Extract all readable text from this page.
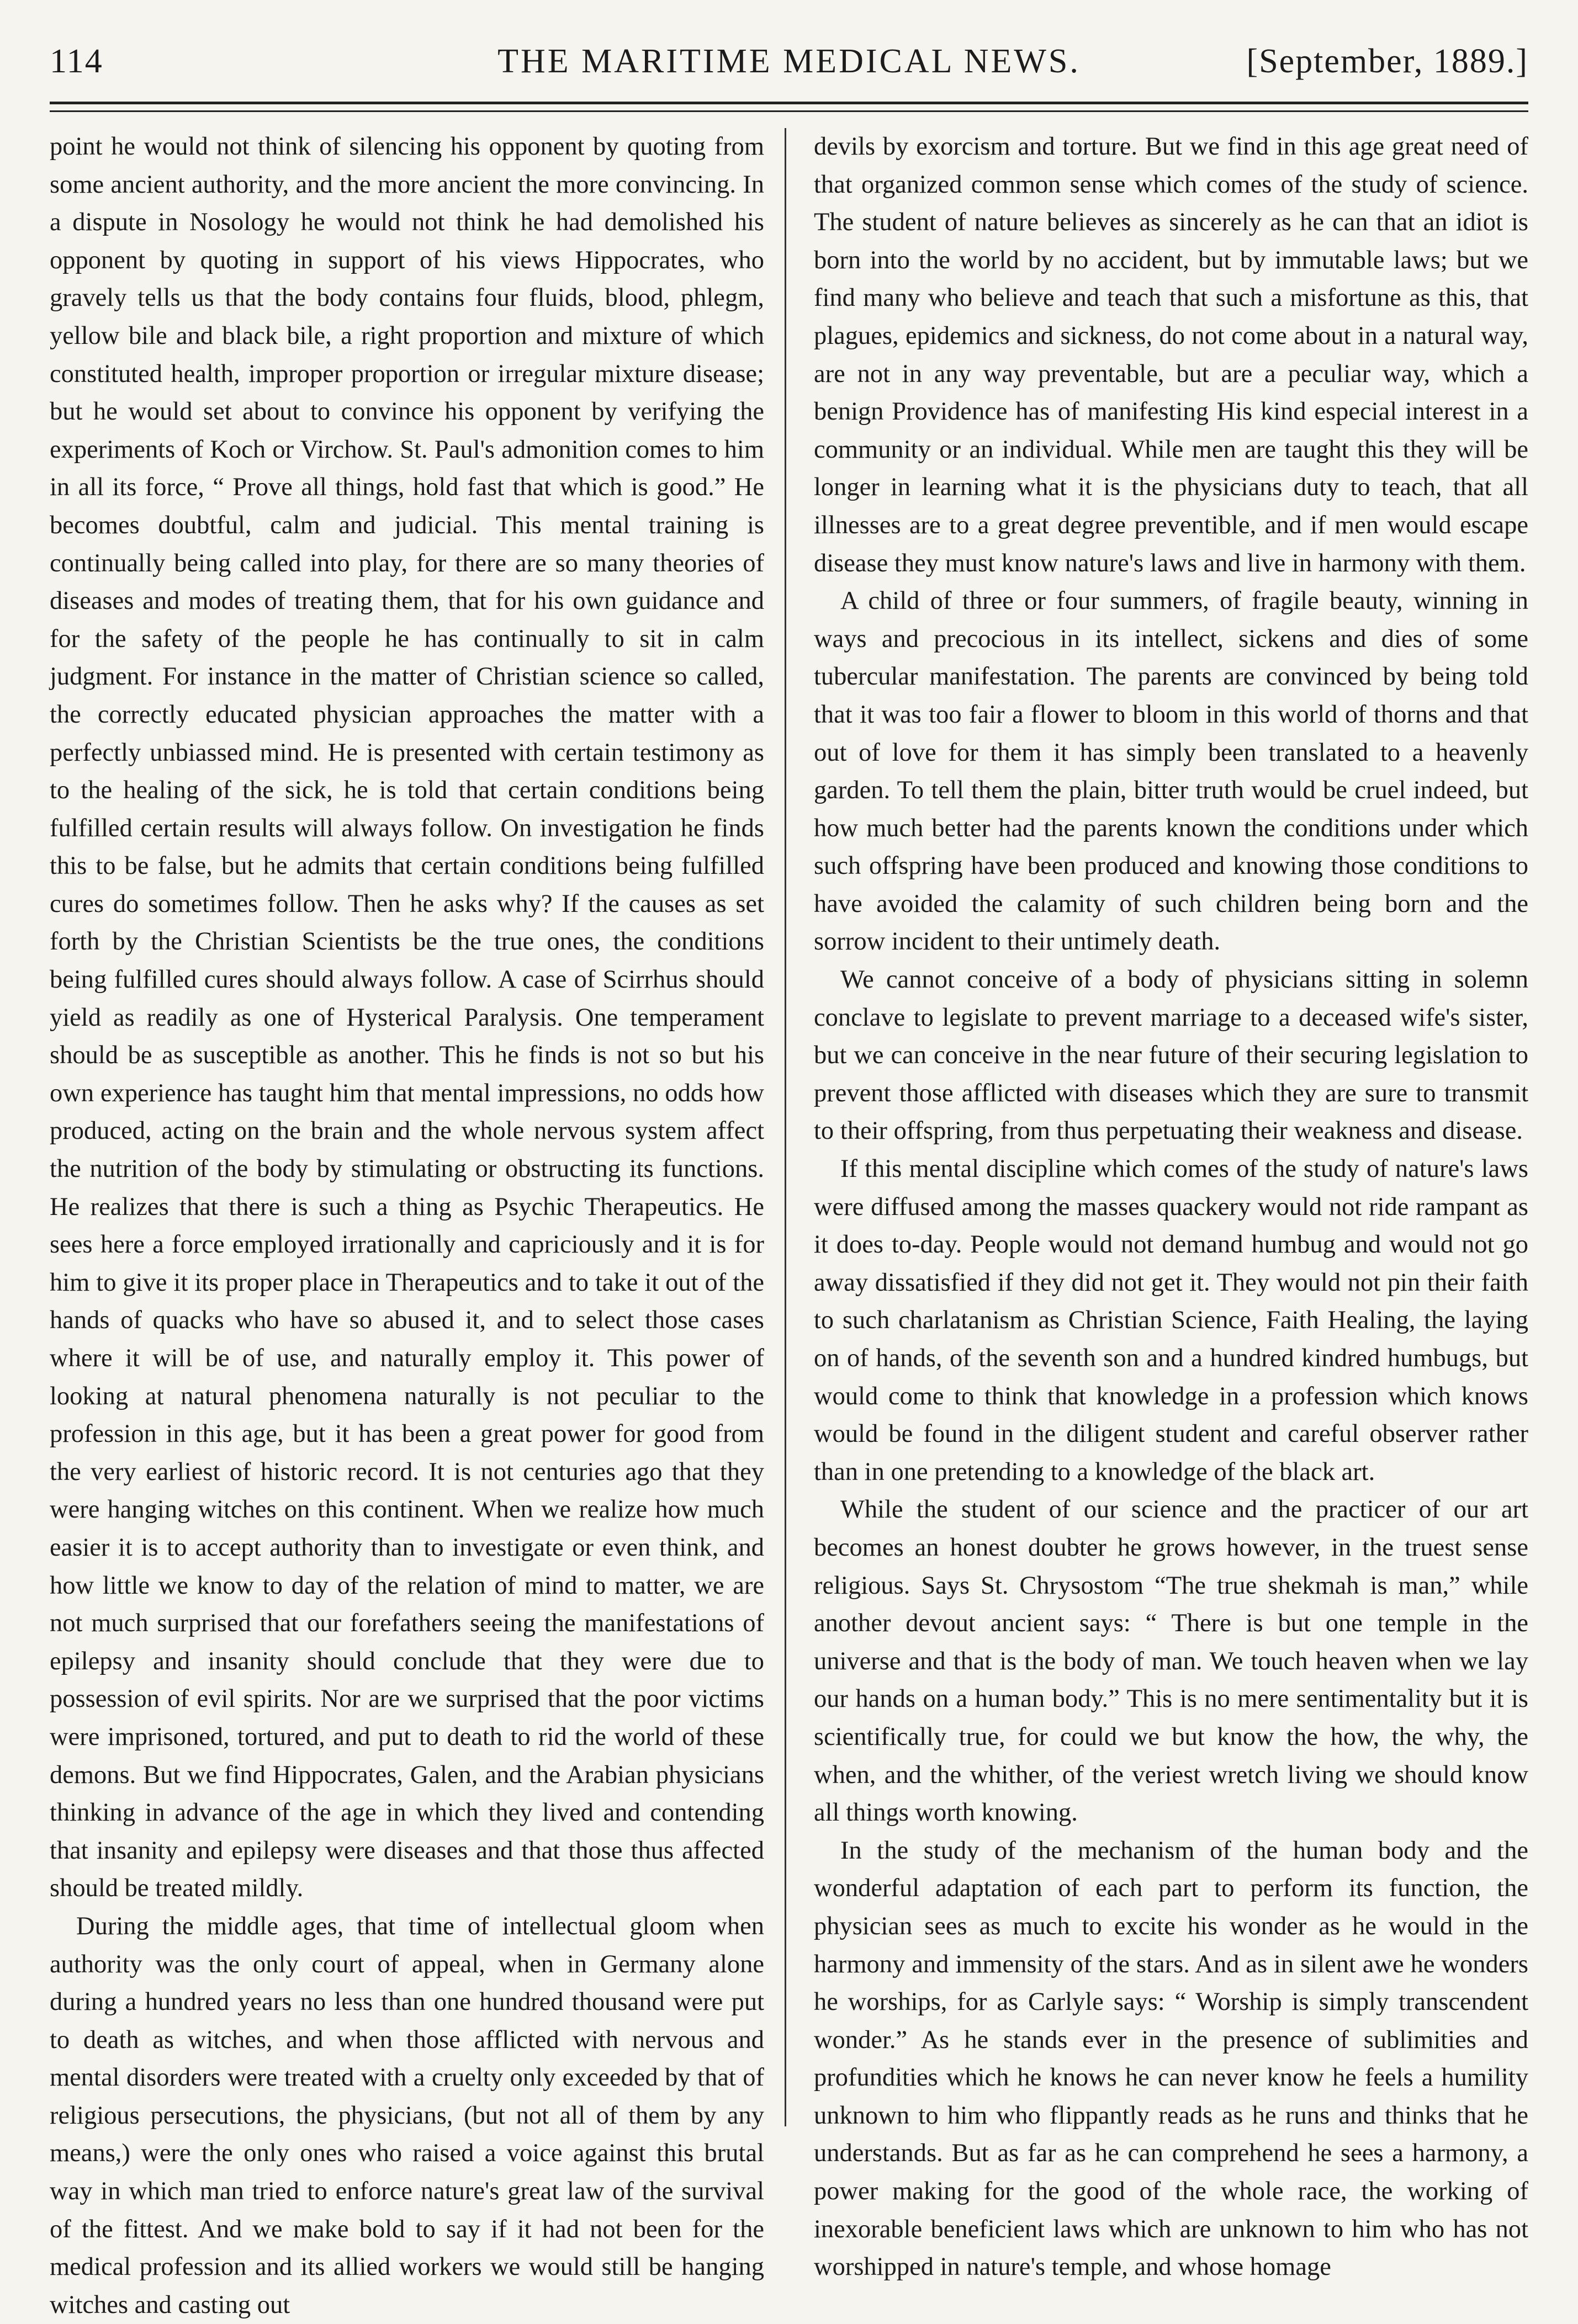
114	THE MARITIME MEDICAL NEWS.	[September, 1889.]

point he would not think of silencing his opponent by quoting from some ancient authority, and the more ancient the more convincing. In a dispute in Nosology he would not think he had demolished his opponent by quoting in support of his views Hippocrates, who gravely tells us that the body contains four fluids, blood, phlegm, yellow bile and black bile, a right proportion and mixture of which constituted health, improper proportion or irregular mixture disease; but he would set about to convince his opponent by verifying the experiments of Koch or Virchow. St. Paul's admonition comes to him in all its force, “ Prove all things, hold fast that which is good.” He becomes doubtful, calm and judicial. This mental training is continually being called into play, for there are so many theories of diseases and modes of treating them, that for his own guidance and for the safety of the people he has continually to sit in calm judgment. For instance in the matter of Christian science so called, the correctly educated physician approaches the matter with a perfectly unbiassed mind. He is presented with certain testimony as to the healing of the sick, he is told that certain conditions being fulfilled certain results will always follow. On investigation he finds this to be false, but he admits that certain conditions being fulfilled cures do sometimes follow. Then he asks why? If the causes as set forth by the Christian Scientists be the true ones, the conditions being fulfilled cures should always follow. A case of Scirrhus should yield as readily as one of Hysterical Paralysis. One temperament should be as susceptible as another. This he finds is not so but his own experience has taught him that mental impressions, no odds how produced, acting on the brain and the whole nervous system affect the nutrition of the body by stimulating or obstructing its functions. He realizes that there is such a thing as Psychic Therapeutics. He sees here a force employed irrationally and capriciously and it is for him to give it its proper place in Therapeutics and to take it out of the hands of quacks who have so abused it, and to select those cases where it will be of use, and naturally employ it. This power of looking at natural phenomena naturally is not peculiar to the profession in this age, but it has been a great power for good from the very earliest of historic record. It is not centuries ago that they were hanging witches on this continent. When we realize how much easier it is to accept authority than to investigate or even think, and how little we know to day of the relation of mind to matter, we are not much surprised that our forefathers seeing the manifestations of epilepsy and insanity should conclude that they were due to possession of evil spirits. Nor are we surprised that the poor victims were imprisoned, tortured, and put to death to rid the world of these demons. But we find Hippocrates, Galen, and the Arabian physicians thinking in advance of the age in which they lived and contending that insanity and epilepsy were diseases and that those thus affected should be treated mildly.

During the middle ages, that time of intellectual gloom when authority was the only court of appeal, when in Germany alone during a hundred years no less than one hundred thousand were put to death as witches, and when those afflicted with nervous and mental disorders were treated with a cruelty only exceeded by that of religious persecutions, the physicians, (but not all of them by any means,) were the only ones who raised a voice against this brutal way in which man tried to enforce nature's great law of the survival of the fittest. And we make bold to say if it had not been for the medical profession and its allied workers we would still be hanging witches and casting out

devils by exorcism and torture. But we find in this age great need of that organized common sense which comes of the study of science. The student of nature believes as sincerely as he can that an idiot is born into the world by no accident, but by immutable laws; but we find many who believe and teach that such a misfortune as this, that plagues, epidemics and sickness, do not come about in a natural way, are not in any way preventable, but are a peculiar way, which a benign Providence has of manifesting His kind especial interest in a community or an individual. While men are taught this they will be longer in learning what it is the physicians duty to teach, that all illnesses are to a great degree preventible, and if men would escape disease they must know nature's laws and live in harmony with them.

A child of three or four summers, of fragile beauty, winning in ways and precocious in its intellect, sickens and dies of some tubercular manifestation. The parents are convinced by being told that it was too fair a flower to bloom in this world of thorns and that out of love for them it has simply been translated to a heavenly garden. To tell them the plain, bitter truth would be cruel indeed, but how much better had the parents known the conditions under which such offspring have been produced and knowing those conditions to have avoided the calamity of such children being born and the sorrow incident to their untimely death.

We cannot conceive of a body of physicians sitting in solemn conclave to legislate to prevent marriage to a deceased wife's sister, but we can conceive in the near future of their securing legislation to prevent those afflicted with diseases which they are sure to transmit to their offspring, from thus perpetuating their weakness and disease.

If this mental discipline which comes of the study of nature's laws were diffused among the masses quackery would not ride rampant as it does to-day. People would not demand humbug and would not go away dissatisfied if they did not get it. They would not pin their faith to such charlatanism as Christian Science, Faith Healing, the laying on of hands, of the seventh son and a hundred kindred humbugs, but would come to think that knowledge in a profession which knows would be found in the diligent student and careful observer rather than in one pretending to a knowledge of the black art.

While the student of our science and the practicer of our art becomes an honest doubter he grows however, in the truest sense religious. Says St. Chrysostom “The true shekmah is man,” while another devout ancient says: “ There is but one temple in the universe and that is the body of man. We touch heaven when we lay our hands on a human body.” This is no mere sentimentality but it is scientifically true, for could we but know the how, the why, the when, and the whither, of the veriest wretch living we should know all things worth knowing.

In the study of the mechanism of the human body and the wonderful adaptation of each part to perform its function, the physician sees as much to excite his wonder as he would in the harmony and immensity of the stars. And as in silent awe he wonders he worships, for as Carlyle says: “ Worship is simply transcendent wonder.” As he stands ever in the presence of sublimities and profundities which he knows he can never know he feels a humility unknown to him who flippantly reads as he runs and thinks that he understands. But as far as he can comprehend he sees a harmony, a power making for the good of the whole race, the working of inexorable beneficient laws which are unknown to him who has not worshipped in nature's temple, and whose homage
